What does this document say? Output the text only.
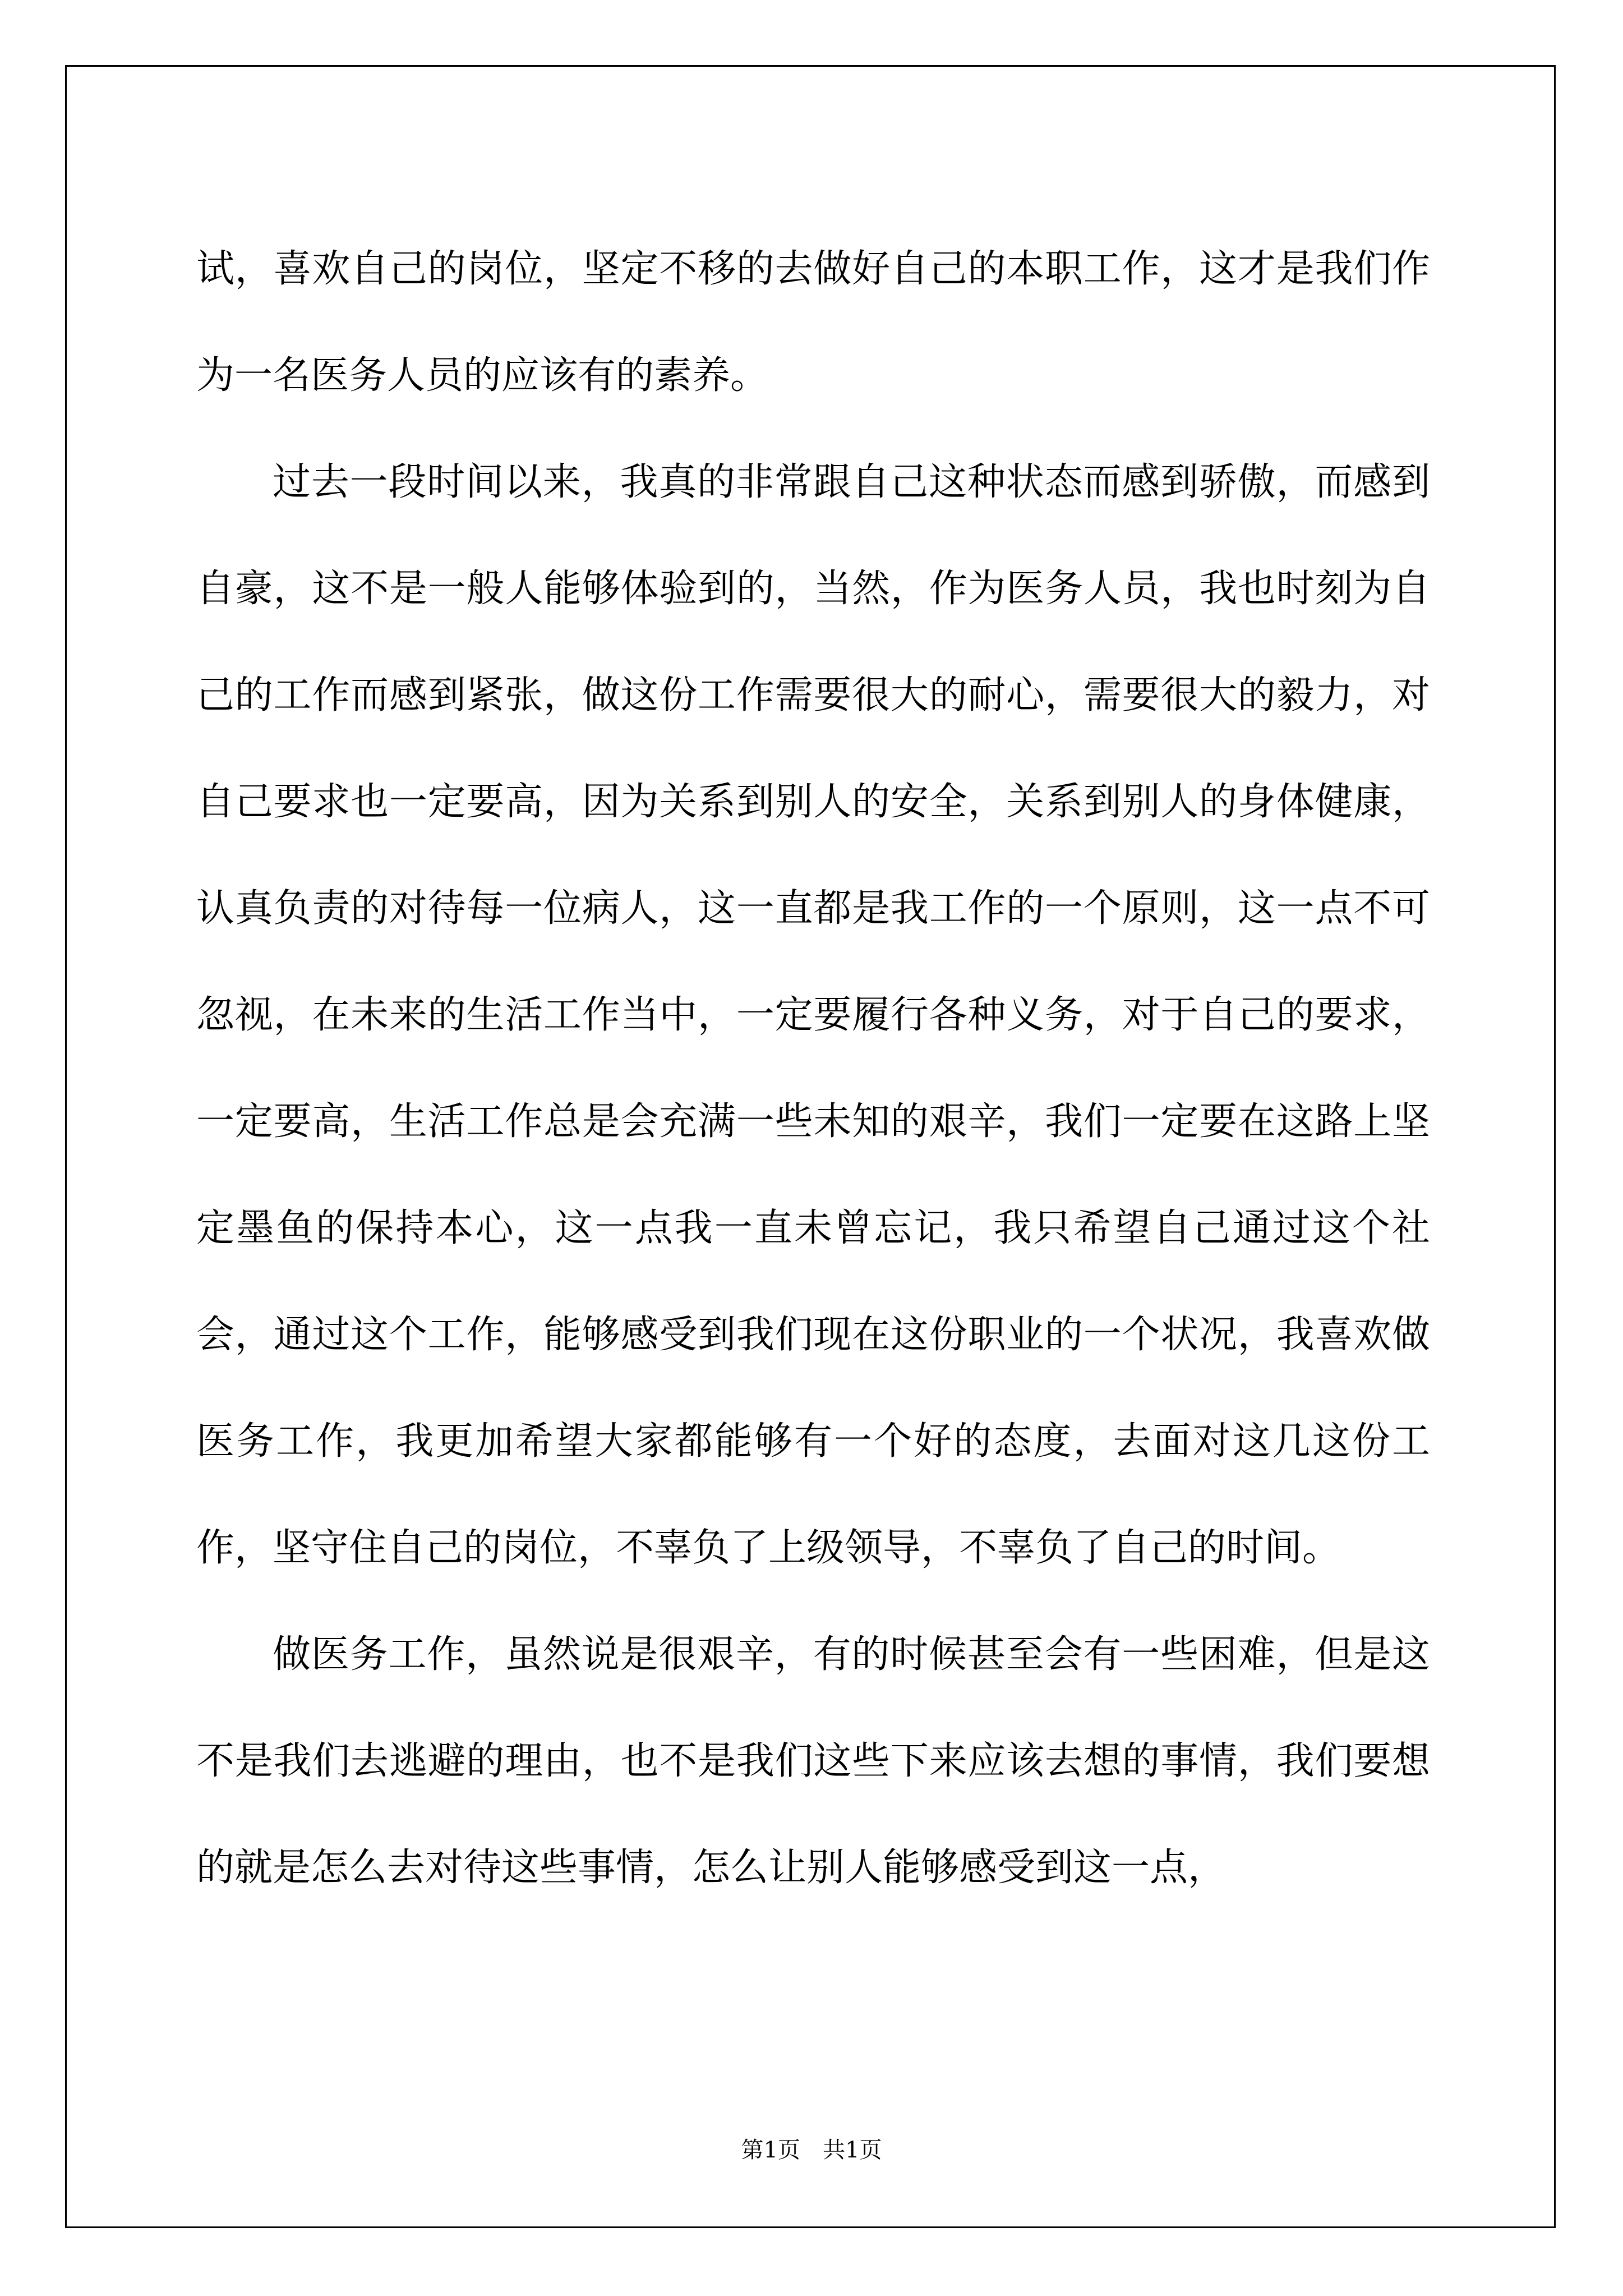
试，喜欢自己的岗位，坚定不移的去做好自己的本职工作，这才是我们作为一名医务人员的应该有的素养。

过去一段时间以来，我真的非常跟自己这种状态而感到骄傲，而感到自豪，这不是一般人能够体验到的，当然，作为医务人员，我也时刻为自己的工作而感到紧张，做这份工作需要很大的耐心，需要很大的毅力，对自己要求也一定要高，因为关系到别人的安全，关系到别人的身体健康，认真负责的对待每一位病人，这一直都是我工作的一个原则，这一点不可忽视，在未来的生活工作当中，一定要履行各种义务，对于自己的要求，一定要高，生活工作总是会充满一些未知的艰辛，我们一定要在这路上坚定墨鱼的保持本心，这一点我一直未曾忘记，我只希望自己通过这个社会，通过这个工作，能够感受到我们现在这份职业的一个状况，我喜欢做医务工作，我更加希望大家都能够有一个好的态度，去面对这几这份工作，坚守住自己的岗位，不辜负了上级领导，不辜负了自己的时间。

做医务工作，虽然说是很艰辛，有的时候甚至会有一些困难，但是这不是我们去逃避的理由，也不是我们这些下来应该去想的事情，我们要想的就是怎么去对待这些事情，怎么让别人能够感受到这一点，

第1页　共1页
